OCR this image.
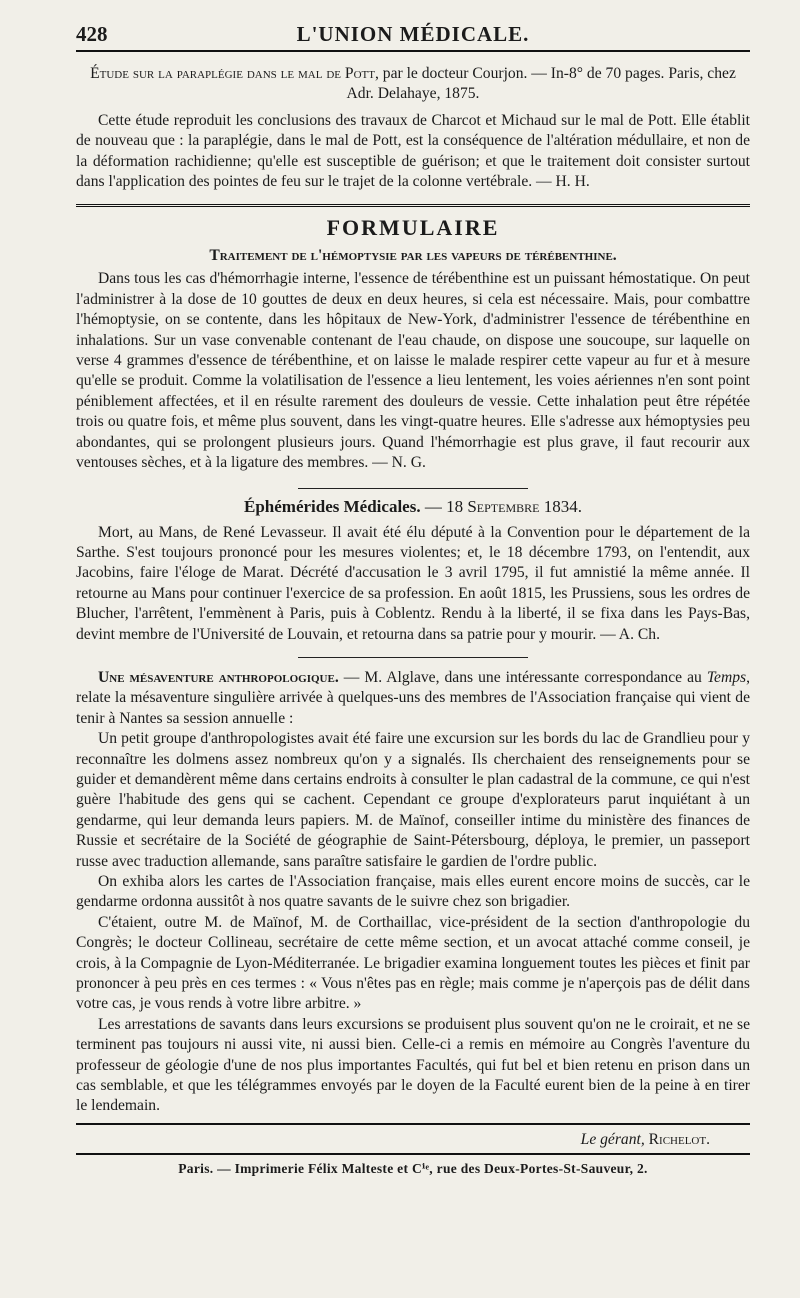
428	L'UNION MÉDICALE.

Étude sur la paraplégie dans le mal de Pott, par le docteur Courjon. — In-8° de 70 pages. Paris, chez Adr. Delahaye, 1875.

Cette étude reproduit les conclusions des travaux de Charcot et Michaud sur le mal de Pott. Elle établit de nouveau que : la paraplégie, dans le mal de Pott, est la conséquence de l'altération médullaire, et non de la déformation rachidienne; qu'elle est susceptible de guérison; et que le traitement doit consister surtout dans l'application des pointes de feu sur le trajet de la colonne vertébrale. — H. H.

FORMULAIRE
Traitement de l'hémoptysie par les vapeurs de térébenthine.

Dans tous les cas d'hémorrhagie interne, l'essence de térébenthine est un puissant hémostatique. On peut l'administrer à la dose de 10 gouttes de deux en deux heures, si cela est nécessaire. Mais, pour combattre l'hémoptysie, on se contente, dans les hôpitaux de New-York, d'administrer l'essence de térébenthine en inhalations. Sur un vase convenable contenant de l'eau chaude, on dispose une soucoupe, sur laquelle on verse 4 grammes d'essence de térébenthine, et on laisse le malade respirer cette vapeur au fur et à mesure qu'elle se produit. Comme la volatilisation de l'essence a lieu lentement, les voies aériennes n'en sont point péniblement affectées, et il en résulte rarement des douleurs de vessie. Cette inhalation peut être répétée trois ou quatre fois, et même plus souvent, dans les vingt-quatre heures. Elle s'adresse aux hémoptysies peu abondantes, qui se prolongent plusieurs jours. Quand l'hémorrhagie est plus grave, il faut recourir aux ventouses sèches, et à la ligature des membres. — N. G.

Éphémérides Médicales. — 18 Septembre 1834.

Mort, au Mans, de René Levasseur. Il avait été élu député à la Convention pour le département de la Sarthe. S'est toujours prononcé pour les mesures violentes; et, le 18 décembre 1793, on l'entendit, aux Jacobins, faire l'éloge de Marat. Décrété d'accusation le 3 avril 1795, il fut amnistié la même année. Il retourne au Mans pour continuer l'exercice de sa profession. En août 1815, les Prussiens, sous les ordres de Blucher, l'arrêtent, l'emmènent à Paris, puis à Coblentz. Rendu à la liberté, il se fixa dans les Pays-Bas, devint membre de l'Université de Louvain, et retourna dans sa patrie pour y mourir. — A. Ch.

Une mésaventure anthropologique. — M. Alglave, dans une intéressante correspondance au Temps, relate la mésaventure singulière arrivée à quelques-uns des membres de l'Association française qui vient de tenir à Nantes sa session annuelle :

Un petit groupe d'anthropologistes avait été faire une excursion sur les bords du lac de Grandlieu pour y reconnaître les dolmens assez nombreux qu'on y a signalés. Ils cherchaient des renseignements pour se guider et demandèrent même dans certains endroits à consulter le plan cadastral de la commune, ce qui n'est guère l'habitude des gens qui se cachent. Cependant ce groupe d'explorateurs parut inquiétant à un gendarme, qui leur demanda leurs papiers. M. de Maïnof, conseiller intime du ministère des finances de Russie et secrétaire de la Société de géographie de Saint-Pétersbourg, déploya, le premier, un passeport russe avec traduction allemande, sans paraître satisfaire le gardien de l'ordre public.

On exhiba alors les cartes de l'Association française, mais elles eurent encore moins de succès, car le gendarme ordonna aussitôt à nos quatre savants de le suivre chez son brigadier.

C'étaient, outre M. de Maïnof, M. de Corthaillac, vice-président de la section d'anthropologie du Congrès; le docteur Collineau, secrétaire de cette même section, et un avocat attaché comme conseil, je crois, à la Compagnie de Lyon-Méditerranée. Le brigadier examina longuement toutes les pièces et finit par prononcer à peu près en ces termes : « Vous n'êtes pas en règle; mais comme je n'aperçois pas de délit dans votre cas, je vous rends à votre libre arbitre. »

Les arrestations de savants dans leurs excursions se produisent plus souvent qu'on ne le croirait, et ne se terminent pas toujours ni aussi vite, ni aussi bien. Celle-ci a remis en mémoire au Congrès l'aventure du professeur de géologie d'une de nos plus importantes Facultés, qui fut bel et bien retenu en prison dans un cas semblable, et que les télégrammes envoyés par le doyen de la Faculté eurent bien de la peine à en tirer le lendemain.

Le gérant, Richelot.
Paris. — Imprimerie Félix Malteste et Cⁱᵉ, rue des Deux-Portes-St-Sauveur, 2.
